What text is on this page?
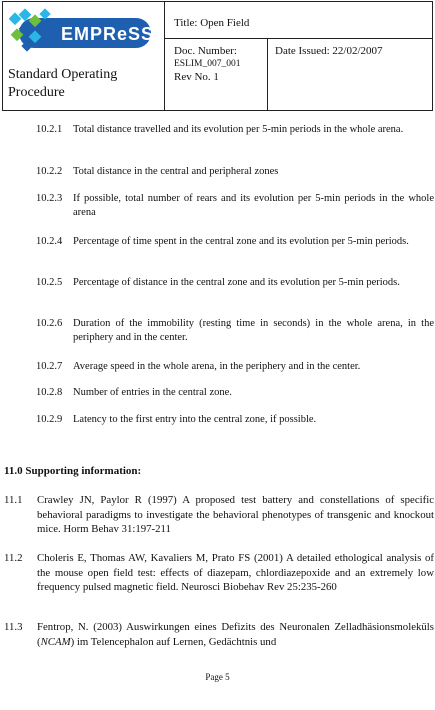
EMPReSS
Standard Operating Procedure
Title: Open Field
Doc. Number:
ESLIM_007_001
Rev No. 1
Date Issued: 22/02/2007
10.2.1 Total distance travelled and its evolution per 5-min periods in the whole arena.
10.2.2 Total distance in the central and peripheral zones
10.2.3 If possible, total number of rears and its evolution per 5-min periods in the whole arena
10.2.4 Percentage of time spent in the central zone and its evolution per 5-min periods.
10.2.5 Percentage of distance in the central zone and its evolution per 5-min periods.
10.2.6 Duration of the immobility (resting time in seconds) in the whole arena, in the periphery and in the center.
10.2.7 Average speed in the whole arena, in the periphery and in the center.
10.2.8 Number of entries in the central zone.
10.2.9 Latency to the first entry into the central zone, if possible.
11.0 Supporting information:
11.1 Crawley JN, Paylor R (1997) A proposed test battery and constellations of specific behavioral paradigms to investigate the behavioral phenotypes of transgenic and knockout mice. Horm Behav 31:197-211
11.2 Choleris E, Thomas AW, Kavaliers M, Prato FS (2001) A detailed ethological analysis of the mouse open field test: effects of diazepam, chlordiazepoxide and an extremely low frequency pulsed magnetic field. Neurosci Biobehav Rev 25:235-260
11.3 Fentrop, N. (2003) Auswirkungen eines Defizits des Neuronalen Zelladhäsionsmoleküls (NCAM) im Telencephalon auf Lernen, Gedächtnis und
Page 5
